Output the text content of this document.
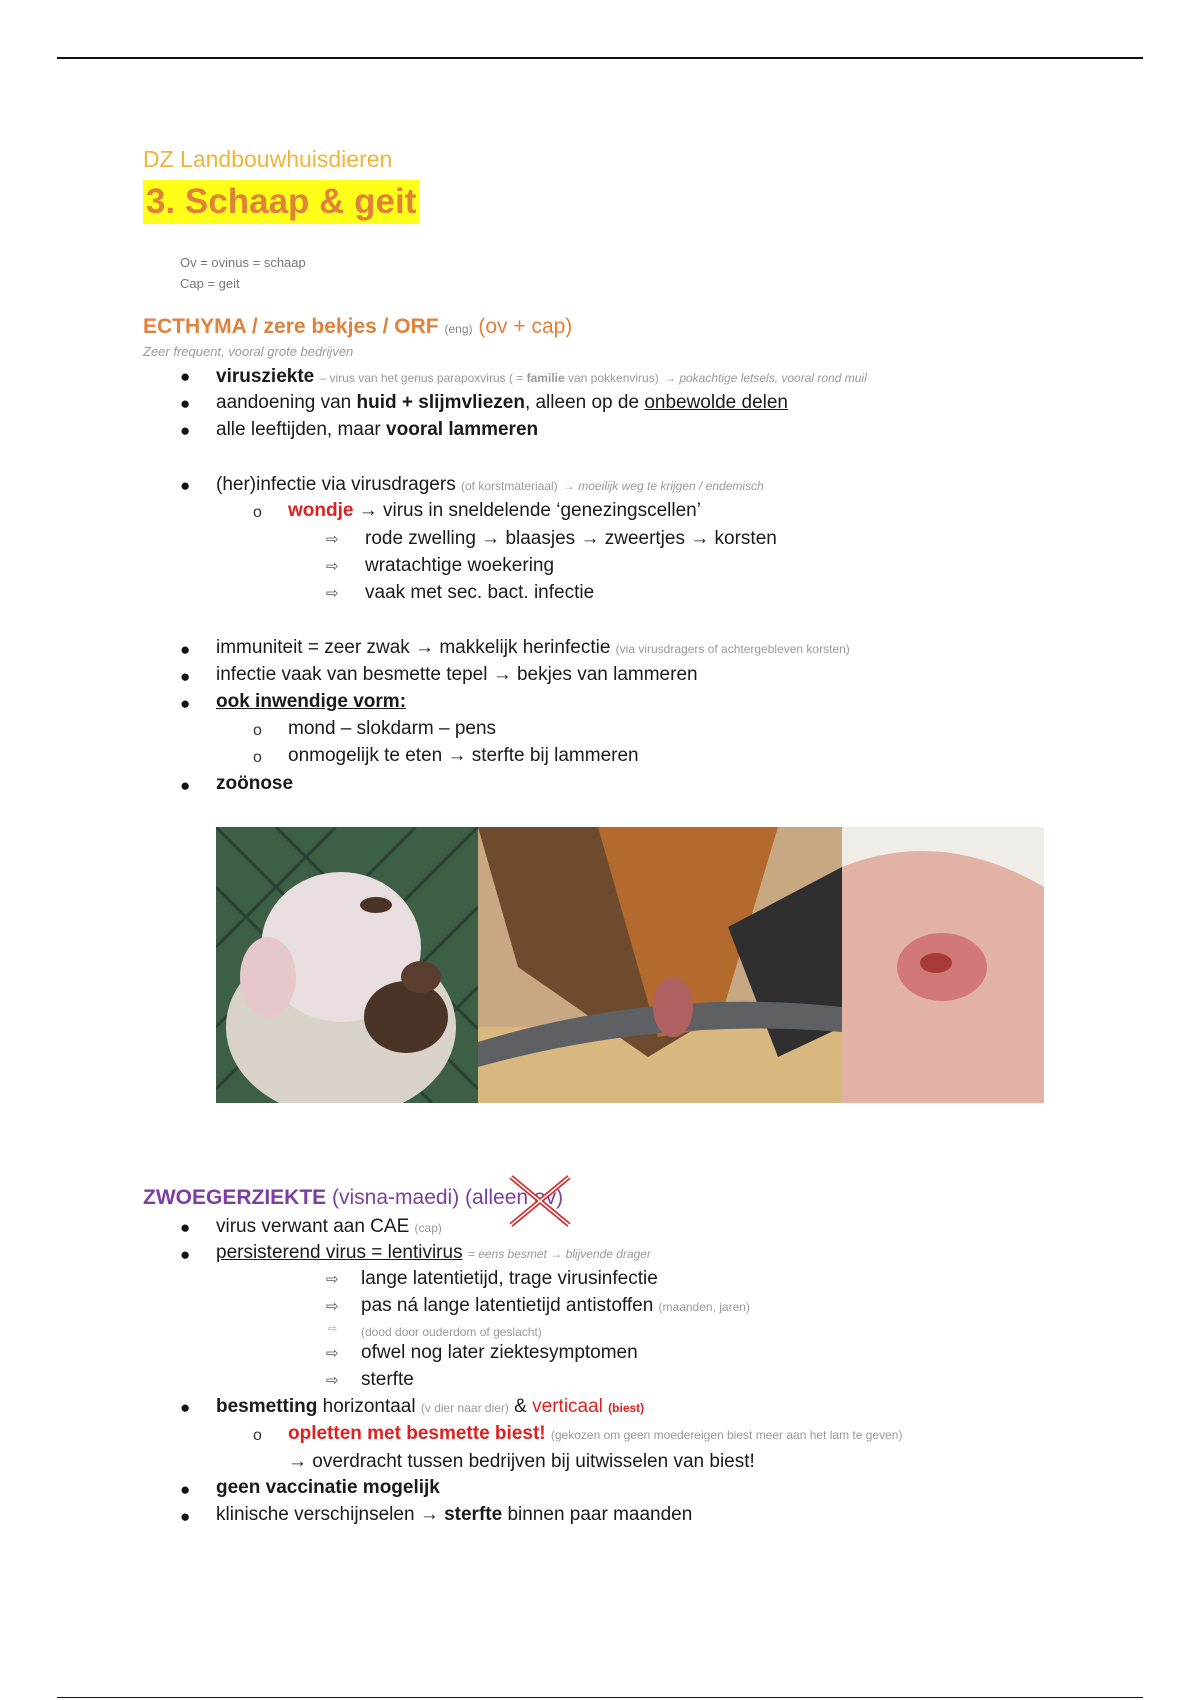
DZ Landbouwhuisdieren
3. Schaap & geit
Ov = ovinus = schaap
Cap = geit
ECTHYMA / zere bekjes / ORF (eng) (ov + cap)
Zeer frequent, vooral grote bedrijven
● virusziekte – virus van het genus parapoxvirus ( = familie van pokkenvirus) → pokachtige letsels, vooral rond muil
● aandoening van huid + slijmvliezen, alleen op de onbewolde delen
● alle leeftijden, maar vooral lammeren
● (her)infectie via virusdragers (of korstmateriaal) → moeilijk weg te krijgen / endemisch
o wondje → virus in sneldelende ‘genezingscellen’
⇨ rode zwelling → blaasjes → zweertjes → korsten
⇨ wratachtige woekering
⇨ vaak met sec. bact. infectie
● immuniteit = zeer zwak → makkelijk herinfectie (via virusdragers of achtergebleven korsten)
● infectie vaak van besmette tepel → bekjes van lammeren
● ook inwendige vorm:
o mond – slokdarm – pens
o onmogelijk te eten → sterfte bij lammeren
● zoönose
ZWOEGERZIEKTE (visna-maedi) (alleen ov)
● virus verwant aan CAE (cap)
● persisterend virus = lentivirus = eens besmet → blijvende drager
⇨ lange latentietijd, trage virusinfectie
⇨ pas ná lange latentietijd antistoffen (maanden, jaren)
⇨ (dood door ouderdom of geslacht)
⇨ ofwel nog later ziektesymptomen
⇨ sterfte
● besmetting horizontaal (v dier naar dier) & verticaal (biest)
o opletten met besmette biest! (gekozen om geen moedereigen biest meer aan het lam te geven)
→ overdracht tussen bedrijven bij uitwisselen van biest!
● geen vaccinatie mogelijk
● klinische verschijnselen → sterfte binnen paar maanden
